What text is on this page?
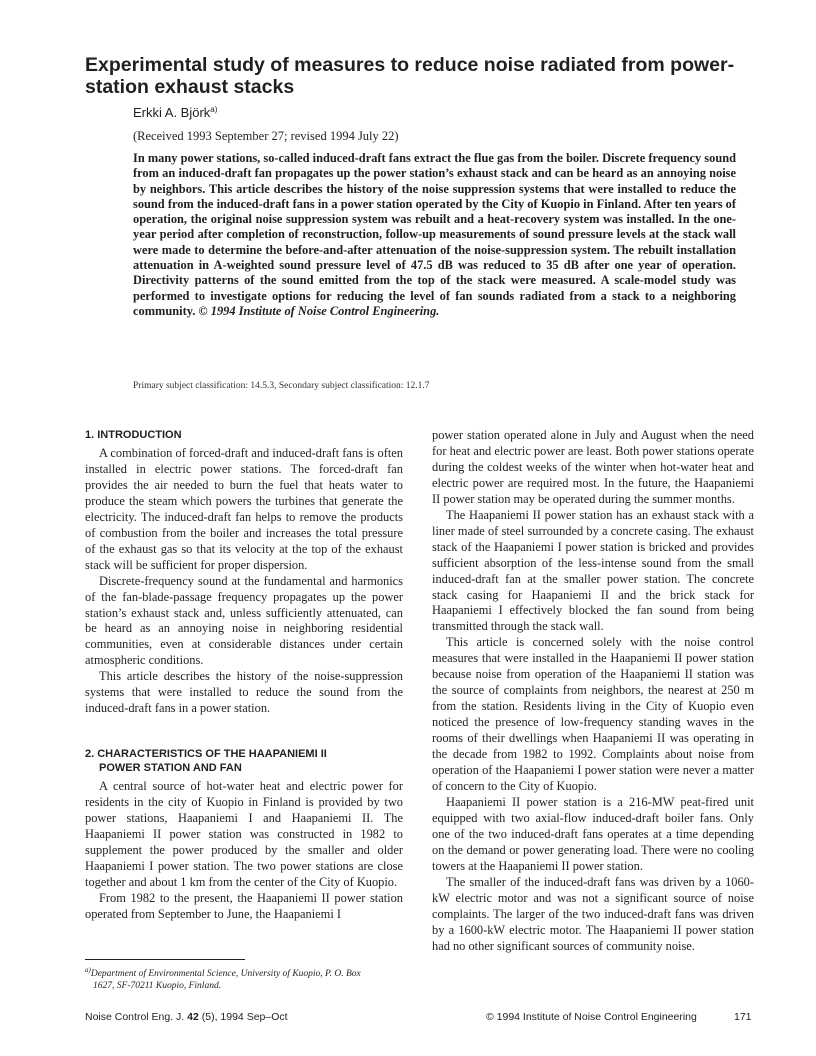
Experimental study of measures to reduce noise radiated from power-station exhaust stacks
Erkki A. Björk$^{a)}$
(Received 1993 September 27; revised 1994 July 22)

In many power stations, so-called induced-draft fans extract the flue gas from the boiler. Discrete frequency sound from an induced-draft fan propagates up the power station’s exhaust stack and can be heard as an annoying noise by neighbors. This article describes the history of the noise suppression systems that were installed to reduce the sound from the induced-draft fans in a power station operated by the City of Kuopio in Finland. After ten years of operation, the original noise suppression system was rebuilt and a heat-recovery system was installed. In the one-year period after completion of reconstruction, follow-up measurements of sound pressure levels at the stack wall were made to determine the before-and-after attenuation of the noise-suppression system. The rebuilt installation attenuation in A-weighted sound pressure level of 47.5 dB was reduced to 35 dB after one year of operation. Directivity patterns of the sound emitted from the top of the stack were measured. A scale-model study was performed to investigate options for reducing the level of fan sounds radiated from a stack to a neighboring community. © 1994 Institute of Noise Control Engineering.

Primary subject classification: 14.5.3, Secondary subject classification: 12.1.7
1. INTRODUCTION

A combination of forced-draft and induced-draft fans is often installed in electric power stations. The forced-draft fan provides the air needed to burn the fuel that heats water to produce the steam which powers the turbines that generate the electricity. The induced-draft fan helps to remove the products of combustion from the boiler and increases the total pressure of the exhaust gas so that its velocity at the top of the exhaust stack will be sufficient for proper dispersion.

Discrete-frequency sound at the fundamental and harmonics of the fan-blade-passage frequency propagates up the power station’s exhaust stack and, unless sufficiently attenuated, can be heard as an annoying noise in neighboring residential communities, even at considerable distances under certain atmospheric conditions.

This article describes the history of the noise-suppression systems that were installed to reduce the sound from the induced-draft fans in a power station.

2. CHARACTERISTICS OF THE HAAPANIEMI II
POWER STATION AND FAN

A central source of hot-water heat and electric power for residents in the city of Kuopio in Finland is provided by two power stations, Haapaniemi I and Haapaniemi II. The Haapaniemi II power station was constructed in 1982 to supplement the power produced by the smaller and older Haapaniemi I power station. The two power stations are close together and about 1 km from the center of the City of Kuopio.

From 1982 to the present, the Haapaniemi II power station operated from September to June, the Haapaniemi I

power station operated alone in July and August when the need for heat and electric power are least. Both power stations operate during the coldest weeks of the winter when hot-water heat and electric power are required most. In the future, the Haapaniemi II power station may be operated during the summer months.

The Haapaniemi II power station has an exhaust stack with a liner made of steel surrounded by a concrete casing. The exhaust stack of the Haapaniemi I power station is bricked and provides sufficient absorption of the less-intense sound from the small induced-draft fan at the smaller power station. The concrete stack casing for Haapaniemi II and the brick stack for Haapaniemi I effectively blocked the fan sound from being transmitted through the stack wall.

This article is concerned solely with the noise control measures that were installed in the Haapaniemi II power station because noise from operation of the Haapaniemi II station was the source of complaints from neighbors, the nearest at 250 m from the station. Residents living in the City of Kuopio even noticed the presence of low-frequency standing waves in the rooms of their dwellings when Haapaniemi II was operating in the decade from 1982 to 1992. Complaints about noise from operation of the Haapaniemi I power station were never a matter of concern to the City of Kuopio.

Haapaniemi II power station is a 216-MW peat-fired unit equipped with two axial-flow induced-draft boiler fans. Only one of the two induced-draft fans operates at a time depending on the demand or power generating load. There were no cooling towers at the Haapaniemi II power station.

The smaller of the induced-draft fans was driven by a 1060-kW electric motor and was not a significant source of noise complaints. The larger of the two induced-draft fans was driven by a 1600-kW electric motor. The Haapaniemi II power station had no other significant sources of community noise.

$^{a)}$Department of Environmental Science, University of Kuopio, P. O. Box
1627, SF-70211 Kuopio, Finland.
Noise Control Eng. J. 42 (5), 1994 Sep–Oct	© 1994 Institute of Noise Control Engineering	171
